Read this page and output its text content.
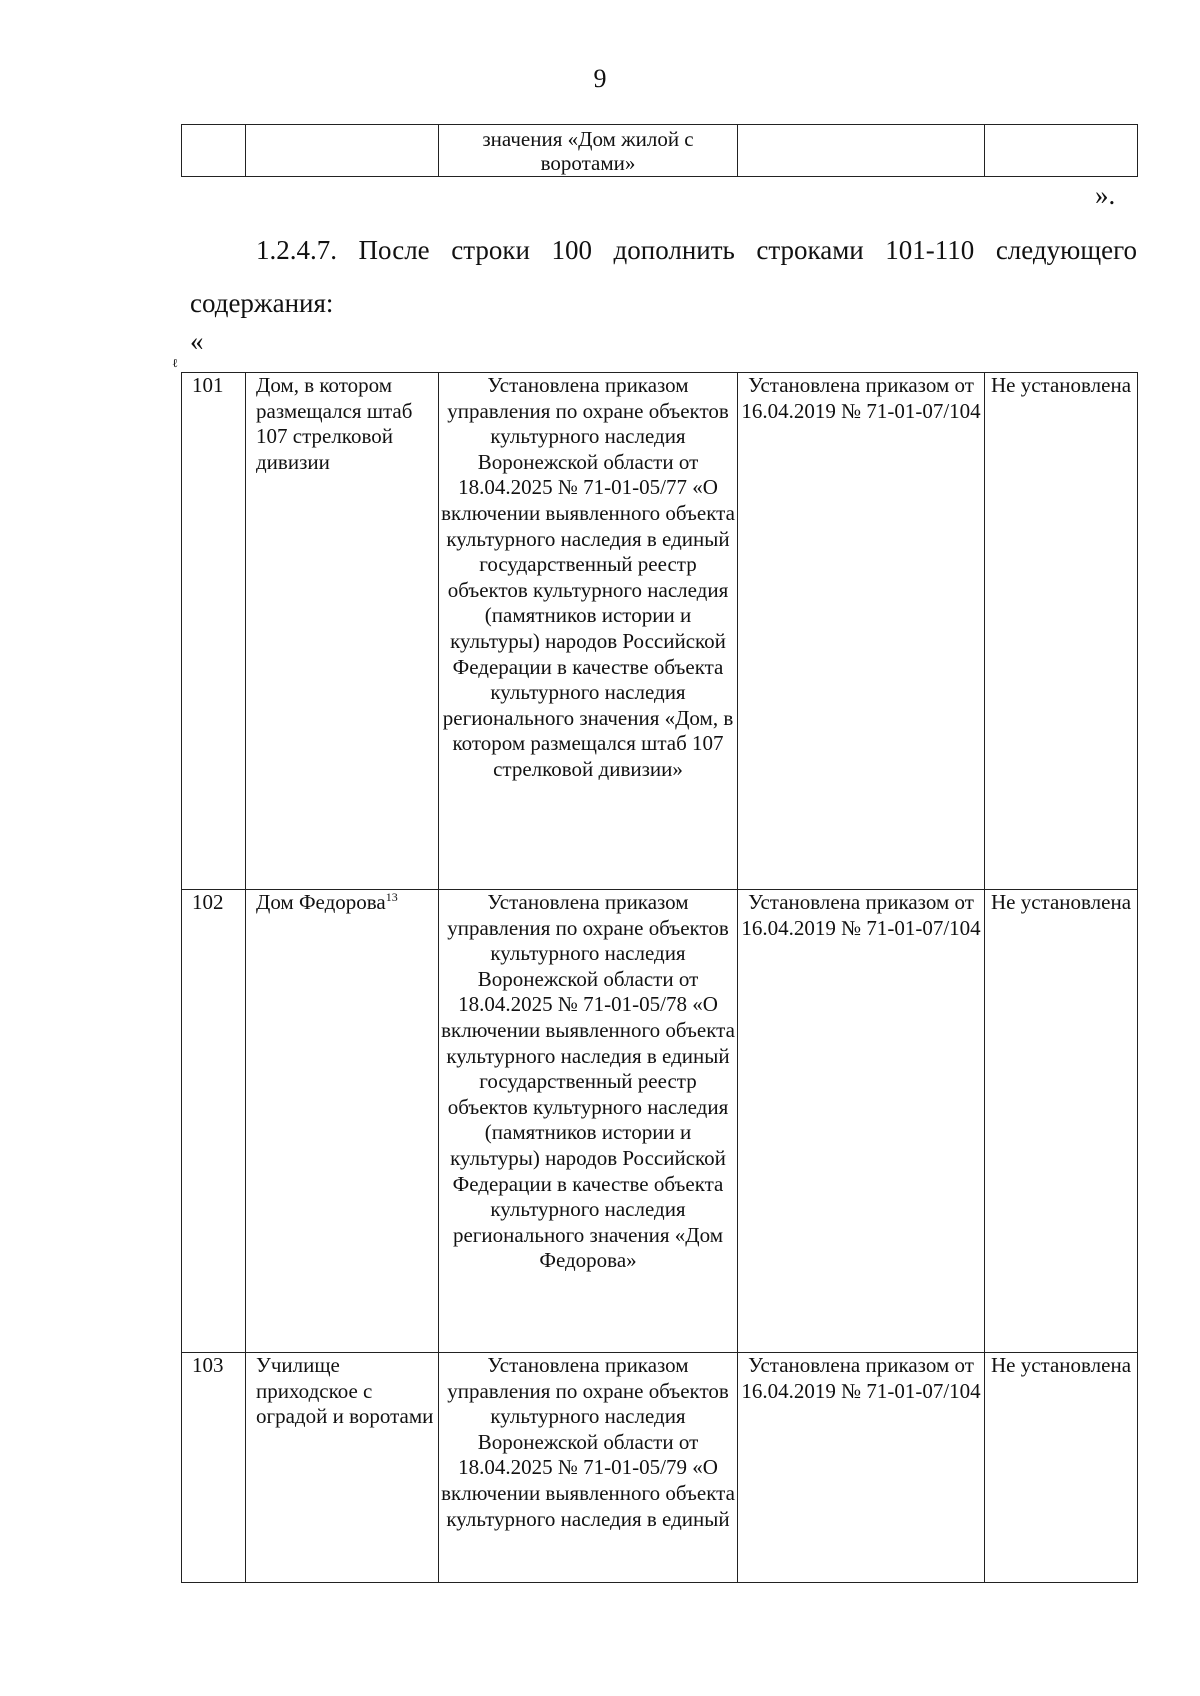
9
		значения «Дом жилой с воротами»		
».
1.2.4.7. После строки 100 дополнить строками 101-110 следующего содержания:
«
ℓ
101	Дом, в котором размещался штаб 107 стрелковой дивизии	Установлена приказом управления по охране объектов культурного наследия Воронежской области от 18.04.2025 № 71-01-05/77 «О включении выявленного объекта культурного наследия в единый государственный реестр объектов культурного наследия (памятников истории и культуры) народов Российской Федерации в качестве объекта культурного наследия регионального значения «Дом, в котором размещался штаб 107 стрелковой дивизии»	Установлена приказом от 16.04.2019 № 71-01-07/104	Не установлена
102	Дом Федорова$^{13}$	Установлена приказом управления по охране объектов культурного наследия Воронежской области от 18.04.2025 № 71-01-05/78 «О включении выявленного объекта культурного наследия в единый государственный реестр объектов культурного наследия (памятников истории и культуры) народов Российской Федерации в качестве объекта культурного наследия регионального значения «Дом Федорова»	Установлена приказом от 16.04.2019 № 71-01-07/104	Не установлена
103	Училище приходское с оградой и воротами	Установлена приказом управления по охране объектов культурного наследия Воронежской области от 18.04.2025 № 71-01-05/79 «О включении выявленного объекта культурного наследия в единый	Установлена приказом от 16.04.2019 № 71-01-07/104	Не установлена
